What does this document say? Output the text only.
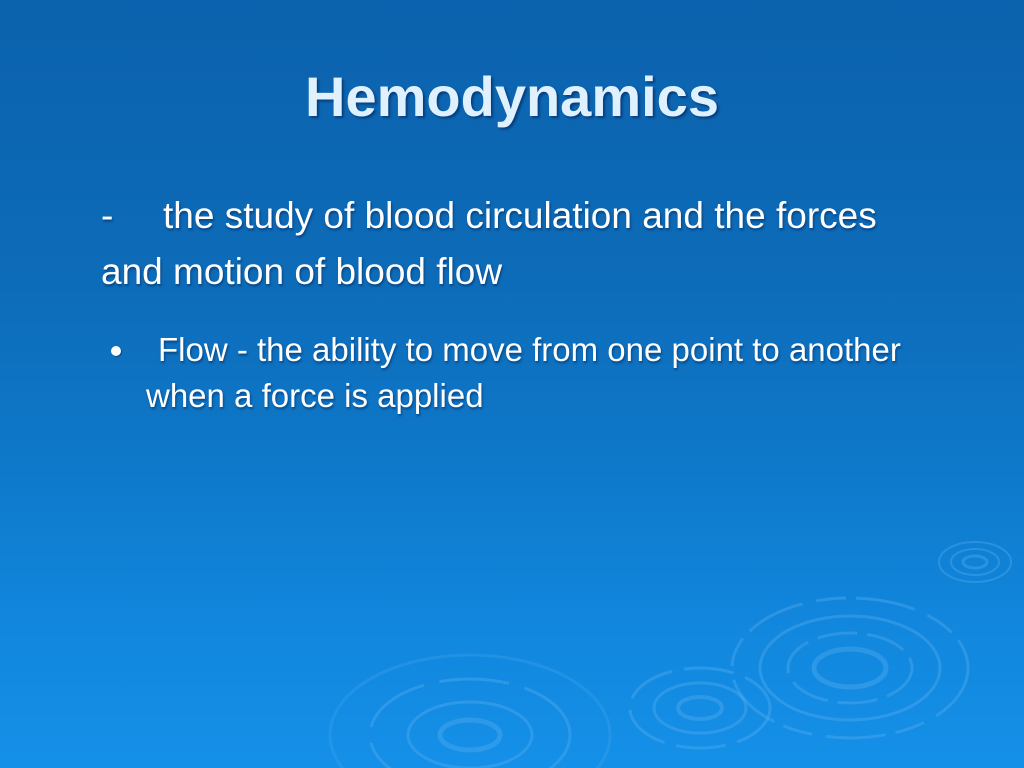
Hemodynamics
- the study of blood circulation and the forces and motion of blood flow
Flow - the ability to move from one point to another when a force is applied
